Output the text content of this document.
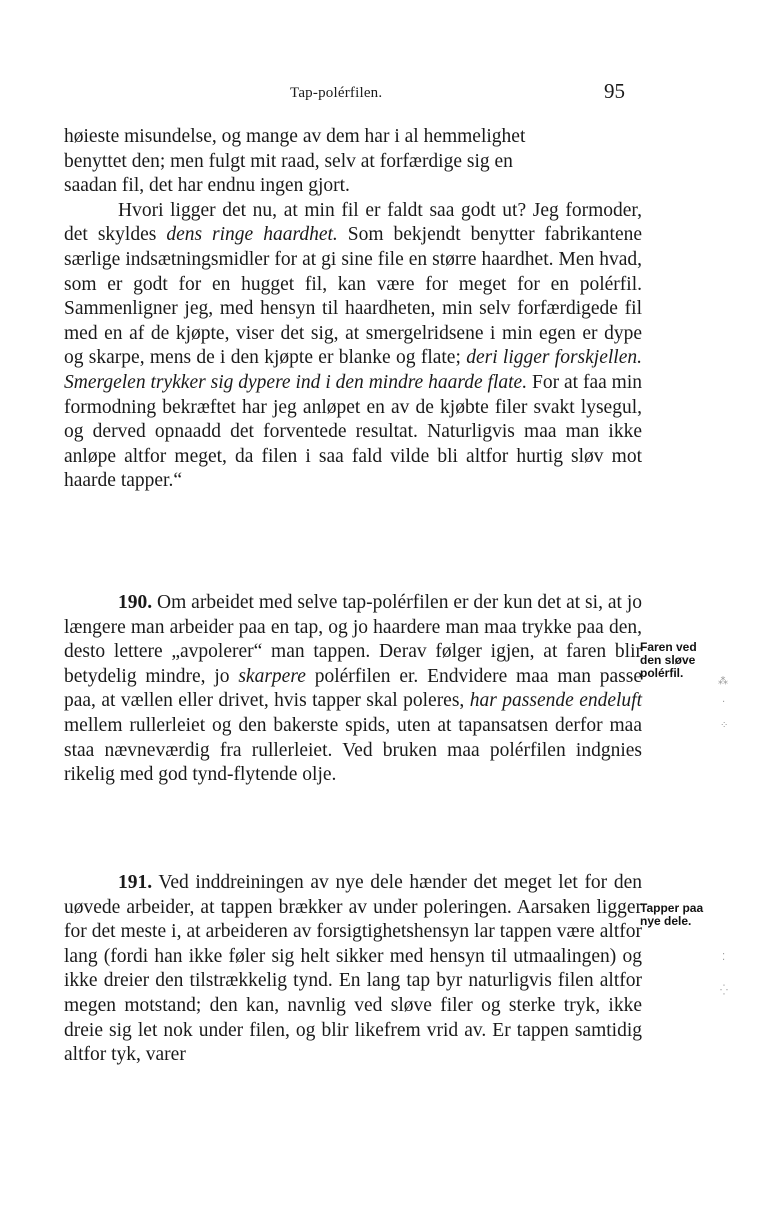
Tap-polérfilen.	95
høieste misundelse, og mange av dem har i al hemmelighet
benyttet den; men fulgt mit raad, selv at forfærdige sig en
saadan fil, det har endnu ingen gjort.

Hvori ligger det nu, at min fil er faldt saa godt ut? Jeg formoder, det skyldes dens ringe haardhet. Som bekjendt benytter fabrikantene særlige indsætningsmidler for at gi sine file en større haardhet. Men hvad, som er godt for en hugget fil, kan være for meget for en polérfil. Sammenligner jeg, med hensyn til haardheten, min selv forfærdigede fil med en af de kjøpte, viser det sig, at smergelridsene i min egen er dype og skarpe, mens de i den kjøpte er blanke og flate; deri ligger forskjellen. Smergelen trykker sig dypere ind i den mindre haarde flate. For at faa min formodning bekræftet har jeg anløpet en av de kjøbte filer svakt lysegul, og derved opnaadd det forventede resultat. Naturligvis maa man ikke anløpe altfor meget, da filen i saa fald vilde bli altfor hurtig sløv mot haarde tapper.“

190. Om arbeidet med selve tap-polérfilen er der kun det at si, at jo længere man arbeider paa en tap, og jo haardere man maa trykke paa den, desto lettere „avpolerer“ man tappen. Derav følger igjen, at faren blir betydelig mindre, jo skarpere polérfilen er. Endvidere maa man passe paa, at vællen eller drivet, hvis tapper skal poleres, har passende endeluft mellem rullerleiet og den bakerste spids, uten at tapansatsen derfor maa staa nævneværdig fra rullerleiet. Ved bruken maa polérfilen indgnies rikelig med god tynd-flytende olje.

191. Ved inddreiningen av nye dele hænder det meget let for den uøvede arbeider, at tappen brækker av under poleringen. Aarsaken ligger for det meste i, at arbeideren av forsigtighetshensyn lar tappen være altfor lang (fordi han ikke føler sig helt sikker med hensyn til utmaalingen) og ikke dreier den tilstrækkelig tynd. En lang tap byr naturligvis filen altfor megen motstand; den kan, navnlig ved sløve filer og sterke tryk, ikke dreie sig let nok under filen, og blir likefrem vrid av. Er tappen samtidig altfor tyk, varer

Faren ved
den sløve
polérfil.
Tapper paa
nye dele.
⁂
·
⁘
⁚
⁛
